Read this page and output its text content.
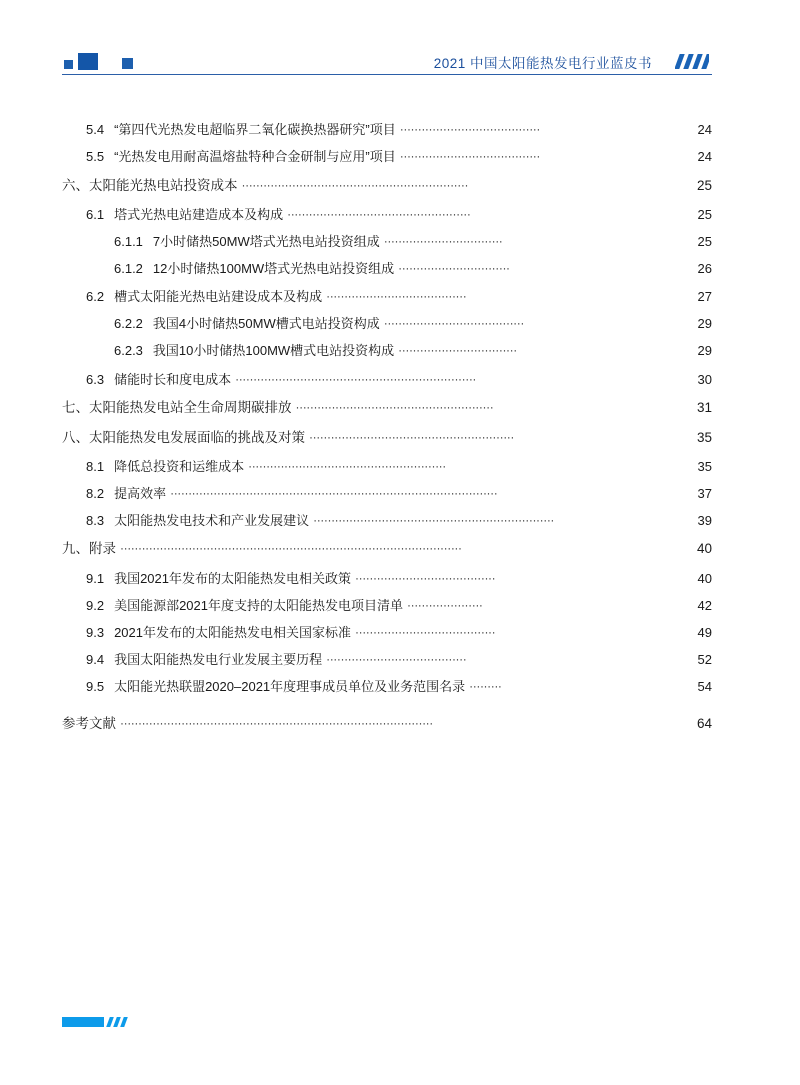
2021 中国太阳能热发电行业蓝皮书
5.4 “第四代光热发电超临界二氧化碳换热器研究”项目 ·······································	24
5.5 “光热发电用耐高温熔盐特种合金研制与应用”项目 ·······································	24
六、 太阳能光热电站投资成本 ·······························································	25
6.1 塔式光热电站建造成本及构成 ···················································	25
6.1.1 7小时储热50MW塔式光热电站投资组成 ·································	25
6.1.2 12小时储热100MW塔式光热电站投资组成 ·······························	26
6.2 槽式太阳能光热电站建设成本及构成 ·······································	27
6.2.2 我国4小时储热50MW槽式电站投资构成 ·······································	29
6.2.3 我国10小时储热100MW槽式电站投资构成 ·································	29
6.3 储能时长和度电成本 ···································································	30
七、 太阳能热发电站全生命周期碳排放 ·······················································	31
八、 太阳能热发电发展面临的挑战及对策 ·························································	35
8.1 降低总投资和运维成本 ·······················································	35
8.2 提高效率 ···························································································	37
8.3 太阳能热发电技术和产业发展建议 ···································································	39
九、 附录 ·······························································································	40
9.1 我国2021年发布的太阳能热发电相关政策 ·······································	40
9.2 美国能源部2021年度支持的太阳能热发电项目清单 ·····················	42
9.3 2021年发布的太阳能热发电相关国家标准 ·······································	49
9.4 我国太阳能热发电行业发展主要历程 ·······································	52
9.5 太阳能光热联盟2020–2021年度理事成员单位及业务范围名录 ·········	54
参考文献 ·······················································································	64
